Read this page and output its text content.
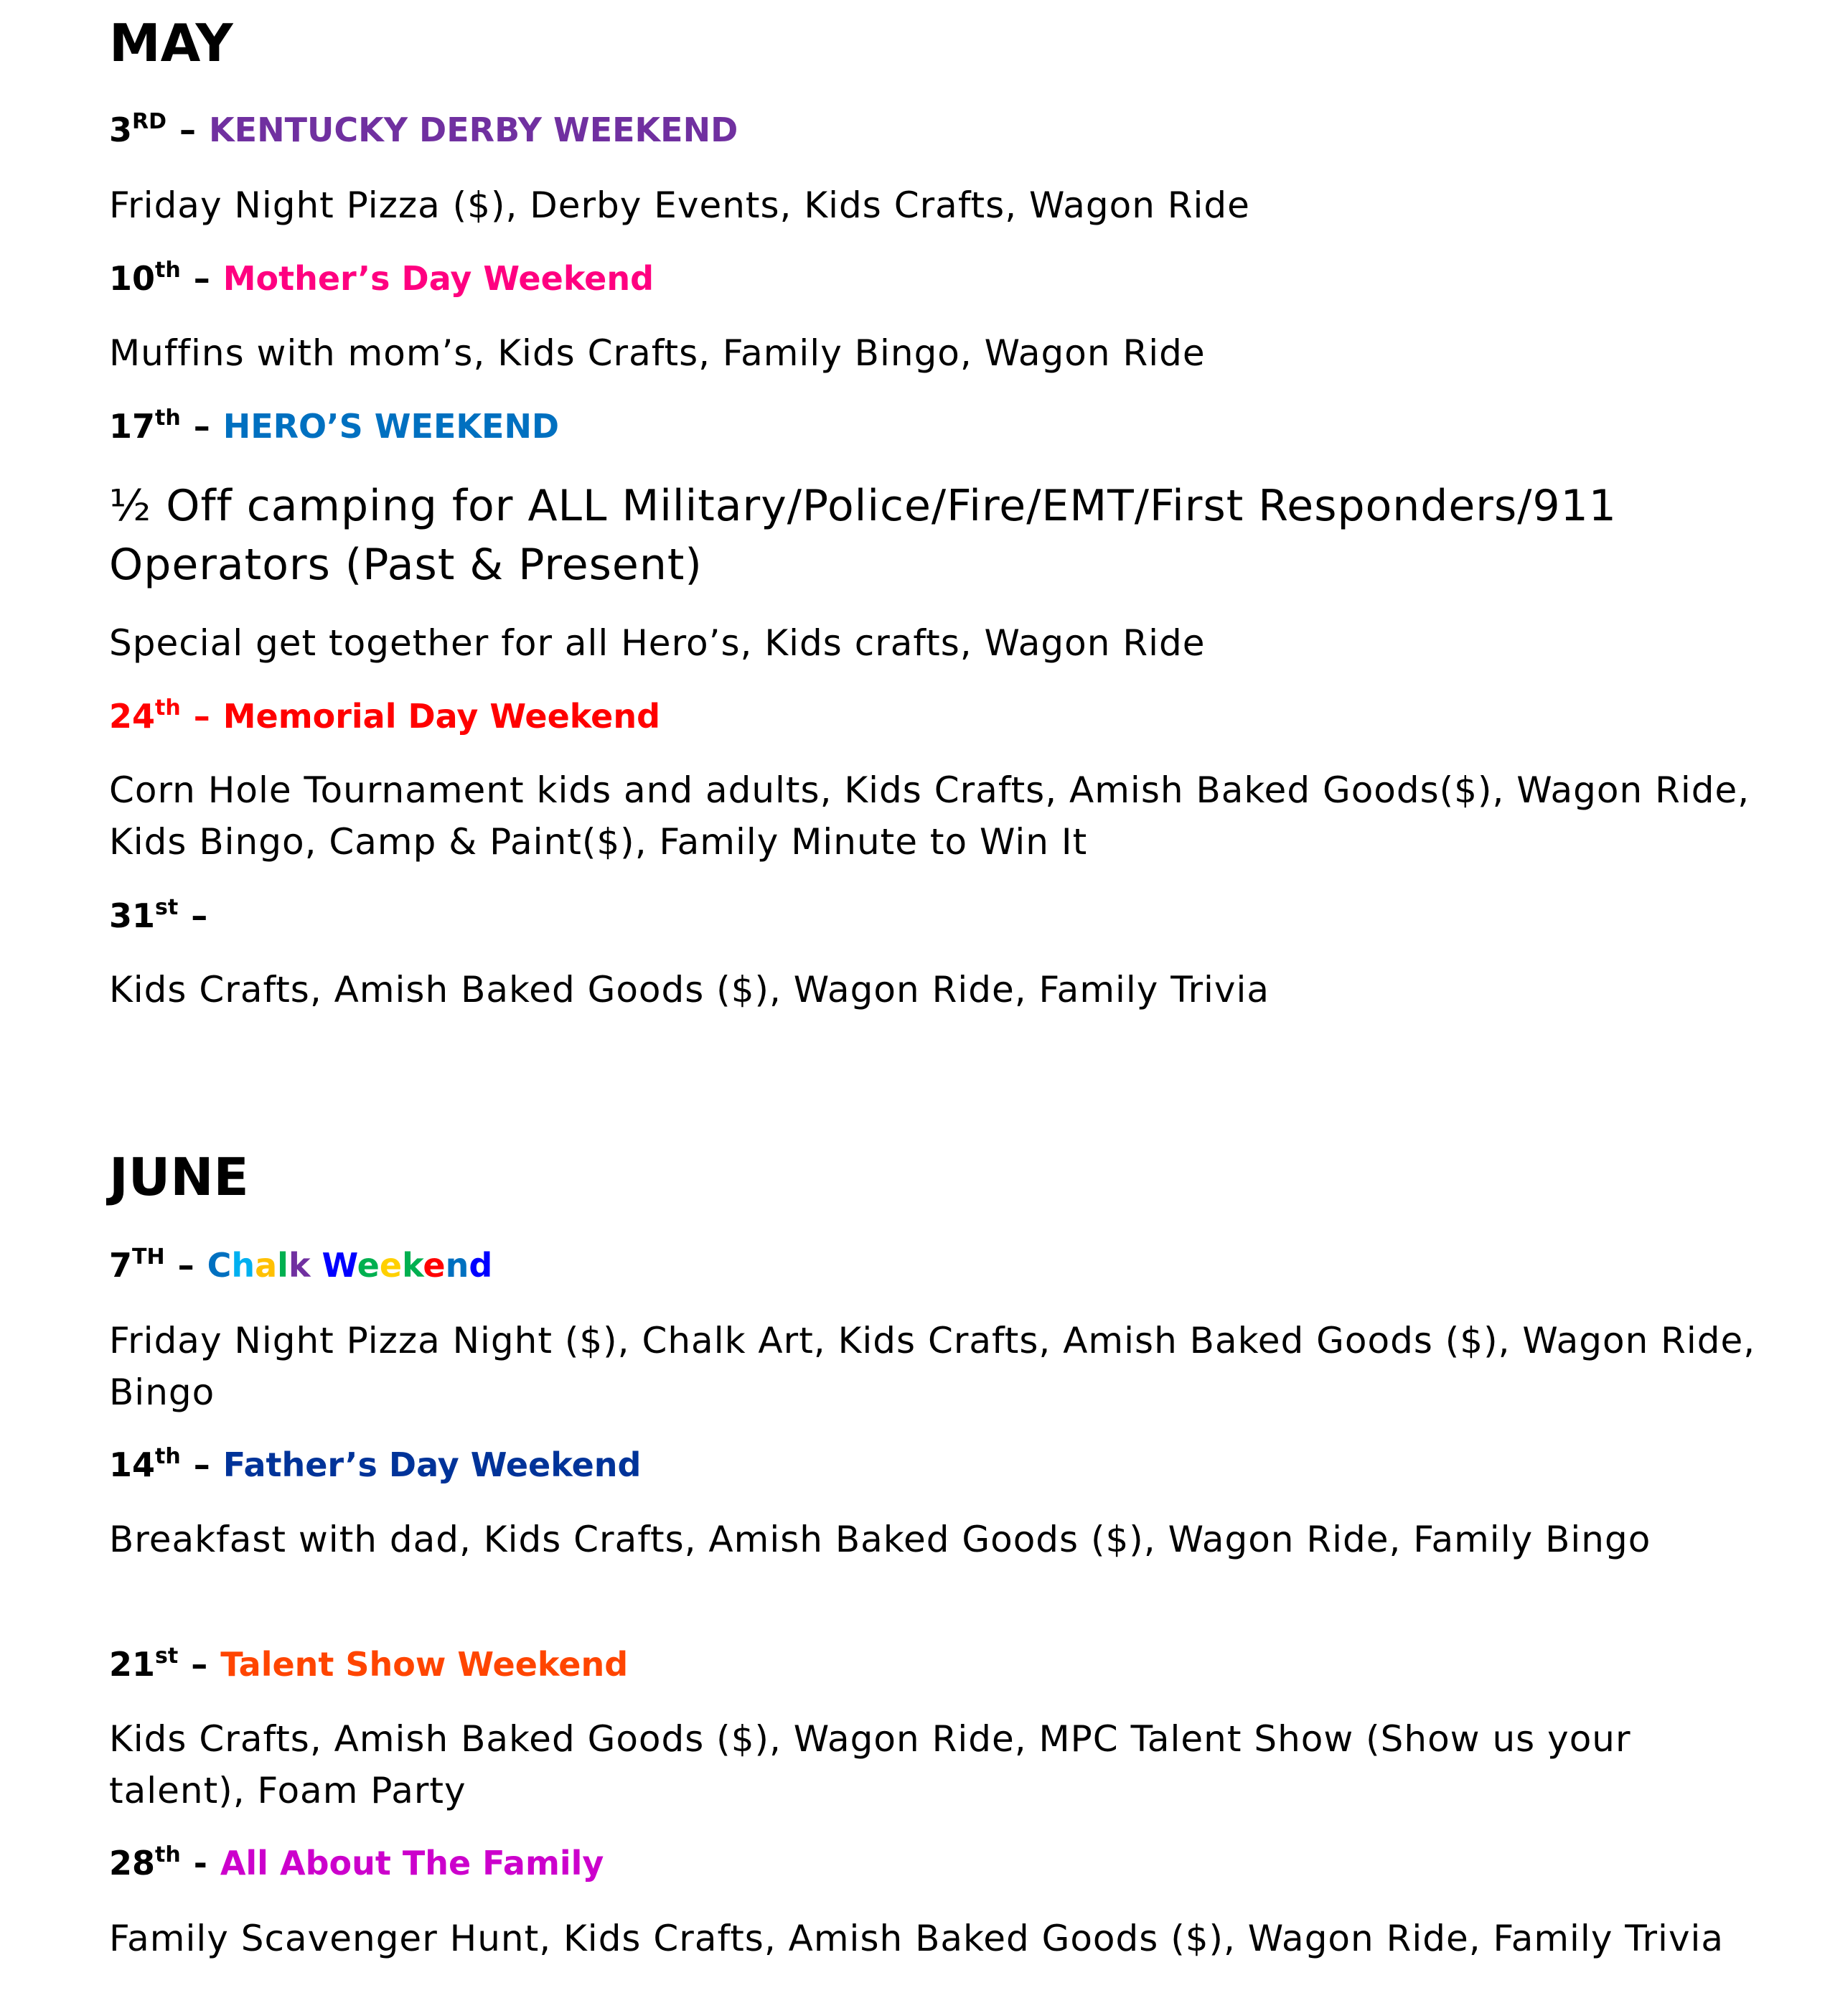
MAY
3RD – KENTUCKY DERBY WEEKEND
Friday Night Pizza ($), Derby Events, Kids Crafts, Wagon Ride
10th – Mother’s Day Weekend
Muffins with mom’s, Kids Crafts, Family Bingo, Wagon Ride
17th – HERO’S WEEKEND
½ Off camping for ALL Military/Police/Fire/EMT/First Responders/911 Operators (Past & Present)
Special get together for all Hero’s, Kids crafts, Wagon Ride
24th – Memorial Day Weekend
Corn Hole Tournament kids and adults, Kids Crafts, Amish Baked Goods($), Wagon Ride, Kids Bingo, Camp & Paint($), Family Minute to Win It
31st –
Kids Crafts, Amish Baked Goods ($), Wagon Ride, Family Trivia
JUNE
7TH – Chalk Weekend
Friday Night Pizza Night ($), Chalk Art, Kids Crafts, Amish Baked Goods ($), Wagon Ride, Bingo
14th – Father’s Day Weekend
Breakfast with dad, Kids Crafts, Amish Baked Goods ($), Wagon Ride, Family Bingo
21st – Talent Show Weekend
Kids Crafts, Amish Baked Goods ($), Wagon Ride, MPC Talent Show (Show us your talent), Foam Party
28th - All About The Family
Family Scavenger Hunt, Kids Crafts, Amish Baked Goods ($), Wagon Ride, Family Trivia
